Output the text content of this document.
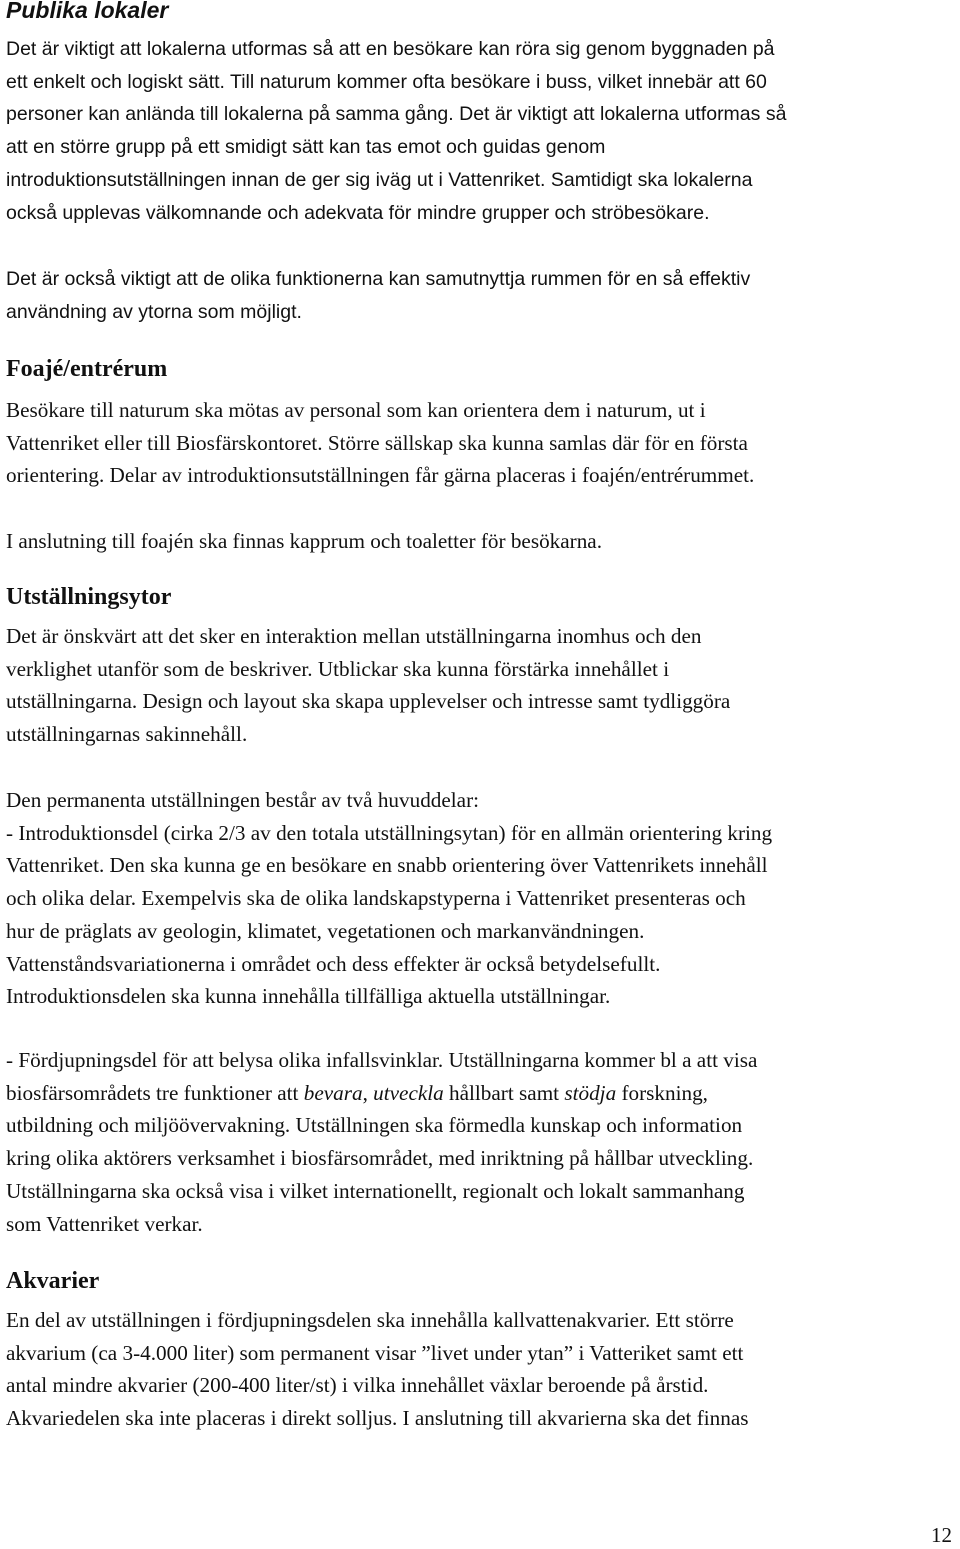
Publika lokaler

Det är viktigt att lokalerna utformas så att en besökare kan röra sig genom byggnaden på
ett enkelt och logiskt sätt. Till naturum kommer ofta besökare i buss, vilket innebär att 60
personer kan anlända till lokalerna på samma gång. Det är viktigt att lokalerna utformas så
att en större grupp på ett smidigt sätt kan tas emot och guidas genom
introduktionsutställningen innan de ger sig iväg ut i Vattenriket. Samtidigt ska lokalerna
också upplevas välkomnande och adekvata för mindre grupper och ströbesökare.

Det är också viktigt att de olika funktionerna kan samutnyttja rummen för en så effektiv
användning av ytorna som möjligt.

Foajé/entrérum

Besökare till naturum ska mötas av personal som kan orientera dem i naturum, ut i
Vattenriket eller till Biosfärskontoret. Större sällskap ska kunna samlas där för en första
orientering. Delar av introduktionsutställningen får gärna placeras i foajén/entrérummet.

I anslutning till foajén ska finnas kapprum och toaletter för besökarna.

Utställningsytor

Det är önskvärt att det sker en interaktion mellan utställningarna inomhus och den
verklighet utanför som de beskriver. Utblickar ska kunna förstärka innehållet i
utställningarna. Design och layout ska skapa upplevelser och intresse samt tydliggöra
utställningarnas sakinnehåll.

Den permanenta utställningen består av två huvuddelar:
- Introduktionsdel (cirka 2/3 av den totala utställningsytan) för en allmän orientering kring
Vattenriket. Den ska kunna ge en besökare en snabb orientering över Vattenrikets innehåll
och olika delar. Exempelvis ska de olika landskapstyperna i Vattenriket presenteras och
hur de präglats av geologin, klimatet, vegetationen och markanvändningen.
Vattenståndsvariationerna i området och dess effekter är också betydelsefullt.
Introduktionsdelen ska kunna innehålla tillfälliga aktuella utställningar.

- Fördjupningsdel för att belysa olika infallsvinklar. Utställningarna kommer bl a att visa
biosfärsområdets tre funktioner att bevara, utveckla hållbart samt stödja forskning,
utbildning och miljöövervakning. Utställningen ska förmedla kunskap och information
kring olika aktörers verksamhet i biosfärsområdet, med inriktning på hållbar utveckling.
Utställningarna ska också visa i vilket internationellt, regionalt och lokalt sammanhang
som Vattenriket verkar.

Akvarier

En del av utställningen i fördjupningsdelen ska innehålla kallvattenakvarier. Ett större
akvarium (ca 3-4.000 liter) som permanent visar ”livet under ytan” i Vatteriket samt ett
antal mindre akvarier (200-400 liter/st) i vilka innehållet växlar beroende på årstid.
Akvariedelen ska inte placeras i direkt solljus. I anslutning till akvarierna ska det finnas

12
